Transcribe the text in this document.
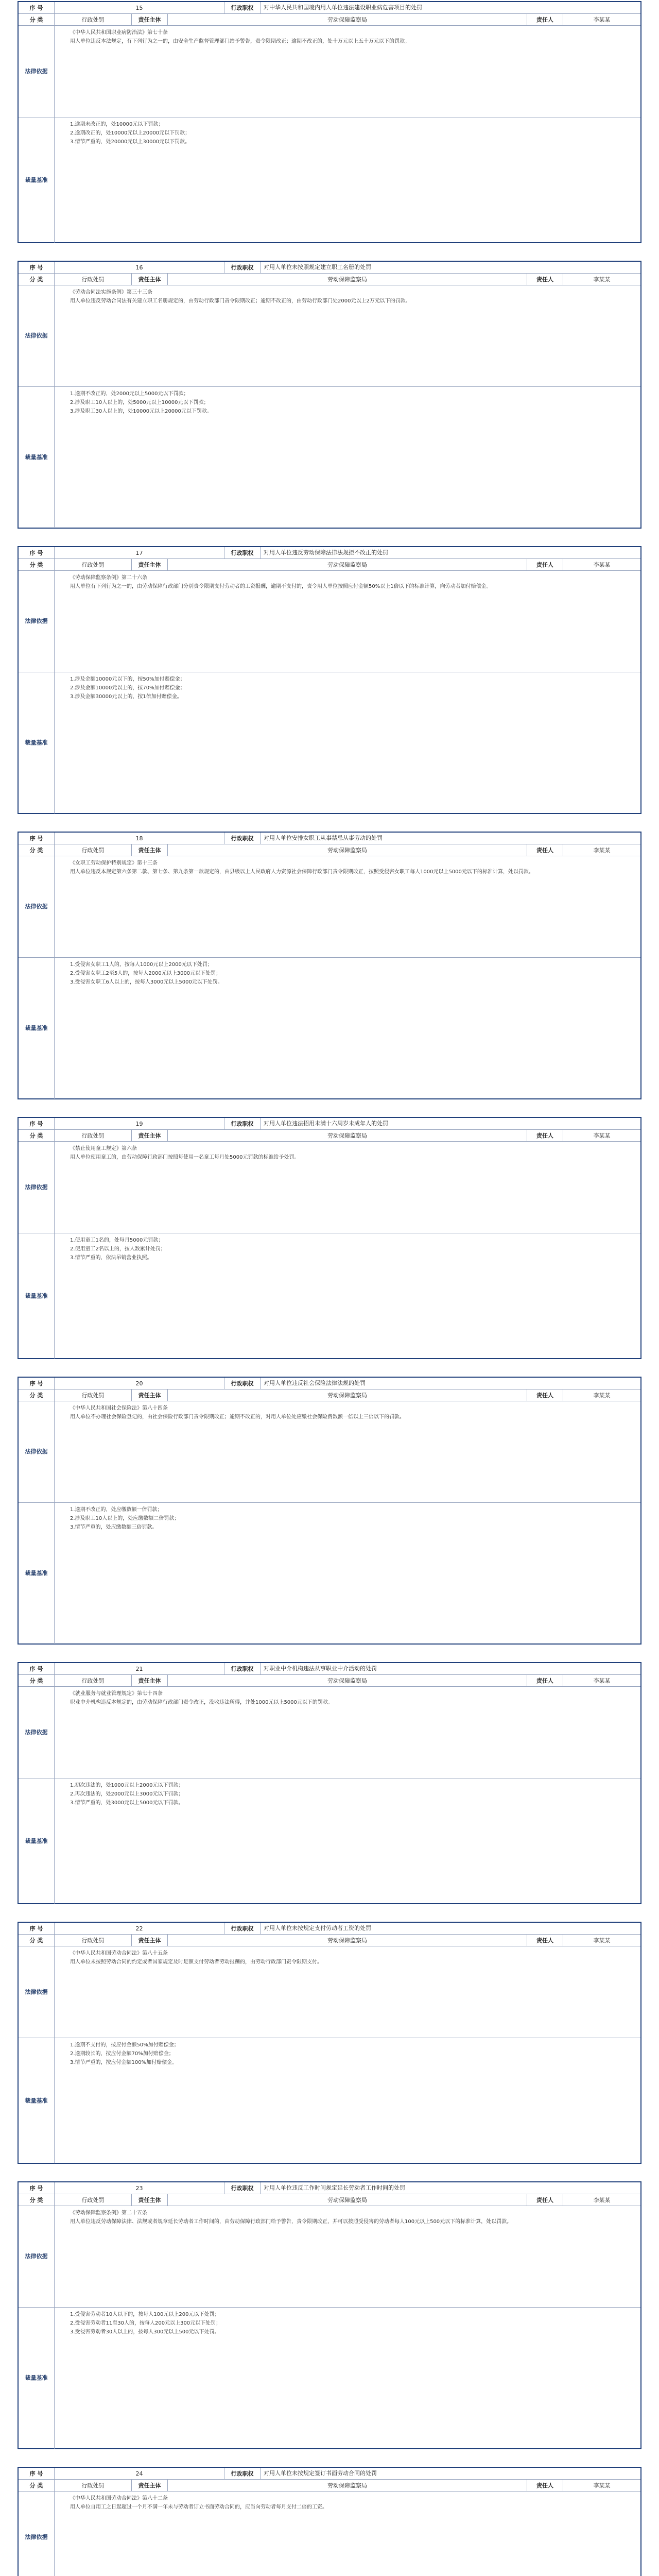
序 号	15	行政职权	对中华人民共和国境内用人单位违法建设职业病危害项目的处罚
分 类	行政处罚	责任主体	劳动保障监察局	责任人	李某某
法律依据

《中华人民共和国职业病防治法》第七十条

用人单位违反本法规定，有下列行为之一的，由安全生产监督管理部门给予警告，责令限期改正；逾期不改正的，处十万元以上五十万元以下的罚款。

裁量基准

1.逾期未改正的，处10000元以下罚款；

2.逾期改正的，处10000元以上20000元以下罚款；

3.情节严重的，处20000元以上30000元以下罚款。

序 号	16	行政职权	对用人单位未按照规定建立职工名册的处罚
分 类	行政处罚	责任主体	劳动保障监察局	责任人	李某某
法律依据

《劳动合同法实施条例》第三十三条

用人单位违反劳动合同法有关建立职工名册规定的，由劳动行政部门责令限期改正；逾期不改正的，由劳动行政部门处2000元以上2万元以下的罚款。

裁量基准

1.逾期不改正的，处2000元以上5000元以下罚款；

2.涉及职工10人以上的，处5000元以上10000元以下罚款；

3.涉及职工30人以上的，处10000元以上20000元以下罚款。

序 号	17	行政职权	对用人单位违反劳动保障法律法规拒不改正的处罚
分 类	行政处罚	责任主体	劳动保障监察局	责任人	李某某
法律依据

《劳动保障监察条例》第二十六条

用人单位有下列行为之一的，由劳动保障行政部门分别责令限期支付劳动者的工资报酬，逾期不支付的，责令用人单位按照应付金额50%以上1倍以下的标准计算，向劳动者加付赔偿金。

裁量基准

1.涉及金额10000元以下的，按50%加付赔偿金；

2.涉及金额10000元以上的，按70%加付赔偿金；

3.涉及金额30000元以上的，按1倍加付赔偿金。

序 号	18	行政职权	对用人单位安排女职工从事禁忌从事劳动的处罚
分 类	行政处罚	责任主体	劳动保障监察局	责任人	李某某
法律依据

《女职工劳动保护特别规定》第十三条

用人单位违反本规定第六条第二款、第七条、第九条第一款规定的，由县级以上人民政府人力资源社会保障行政部门责令限期改正，按照受侵害女职工每人1000元以上5000元以下的标准计算，处以罚款。

裁量基准

1.受侵害女职工1人的，按每人1000元以上2000元以下处罚；

2.受侵害女职工2至5人的，按每人2000元以上3000元以下处罚；

3.受侵害女职工6人以上的，按每人3000元以上5000元以下处罚。

序 号	19	行政职权	对用人单位违法招用未满十六周岁未成年人的处罚
分 类	行政处罚	责任主体	劳动保障监察局	责任人	李某某
法律依据

《禁止使用童工规定》第六条

用人单位使用童工的，由劳动保障行政部门按照每使用一名童工每月处5000元罚款的标准给予处罚。

裁量基准

1.使用童工1名的，处每月5000元罚款；

2.使用童工2名以上的，按人数累计处罚；

3.情节严重的，依法吊销营业执照。

序 号	20	行政职权	对用人单位违反社会保险法律法规的处罚
分 类	行政处罚	责任主体	劳动保障监察局	责任人	李某某
法律依据

《中华人民共和国社会保险法》第八十四条

用人单位不办理社会保险登记的，由社会保险行政部门责令限期改正；逾期不改正的，对用人单位处应缴社会保险费数额一倍以上三倍以下的罚款。

裁量基准

1.逾期不改正的，处应缴数额一倍罚款；

2.涉及职工10人以上的，处应缴数额二倍罚款；

3.情节严重的，处应缴数额三倍罚款。

序 号	21	行政职权	对职业中介机构违法从事职业中介活动的处罚
分 类	行政处罚	责任主体	劳动保障监察局	责任人	李某某
法律依据

《就业服务与就业管理规定》第七十四条

职业中介机构违反本规定的，由劳动保障行政部门责令改正，没收违法所得，并处1000元以上5000元以下的罚款。

裁量基准

1.初次违法的，处1000元以上2000元以下罚款；

2.再次违法的，处2000元以上3000元以下罚款；

3.情节严重的，处3000元以上5000元以下罚款。

序 号	22	行政职权	对用人单位未按规定支付劳动者工资的处罚
分 类	行政处罚	责任主体	劳动保障监察局	责任人	李某某
法律依据

《中华人民共和国劳动合同法》第八十五条

用人单位未按照劳动合同的约定或者国家规定及时足额支付劳动者劳动报酬的，由劳动行政部门责令限期支付。

裁量基准

1.逾期不支付的，按应付金额50%加付赔偿金；

2.逾期较长的，按应付金额70%加付赔偿金；

3.情节严重的，按应付金额100%加付赔偿金。

序 号	23	行政职权	对用人单位违反工作时间规定延长劳动者工作时间的处罚
分 类	行政处罚	责任主体	劳动保障监察局	责任人	李某某
法律依据

《劳动保障监察条例》第二十五条

用人单位违反劳动保障法律、法规或者规章延长劳动者工作时间的，由劳动保障行政部门给予警告，责令限期改正，并可以按照受侵害的劳动者每人100元以上500元以下的标准计算，处以罚款。

裁量基准

1.受侵害劳动者10人以下的，按每人100元以上200元以下处罚；

2.受侵害劳动者11至30人的，按每人200元以上300元以下处罚；

3.受侵害劳动者30人以上的，按每人300元以上500元以下处罚。

序 号	24	行政职权	对用人单位未按规定签订书面劳动合同的处罚
分 类	行政处罚	责任主体	劳动保障监察局	责任人	李某某
法律依据

《中华人民共和国劳动合同法》第八十二条

用人单位自用工之日起超过一个月不满一年未与劳动者订立书面劳动合同的，应当向劳动者每月支付二倍的工资。
